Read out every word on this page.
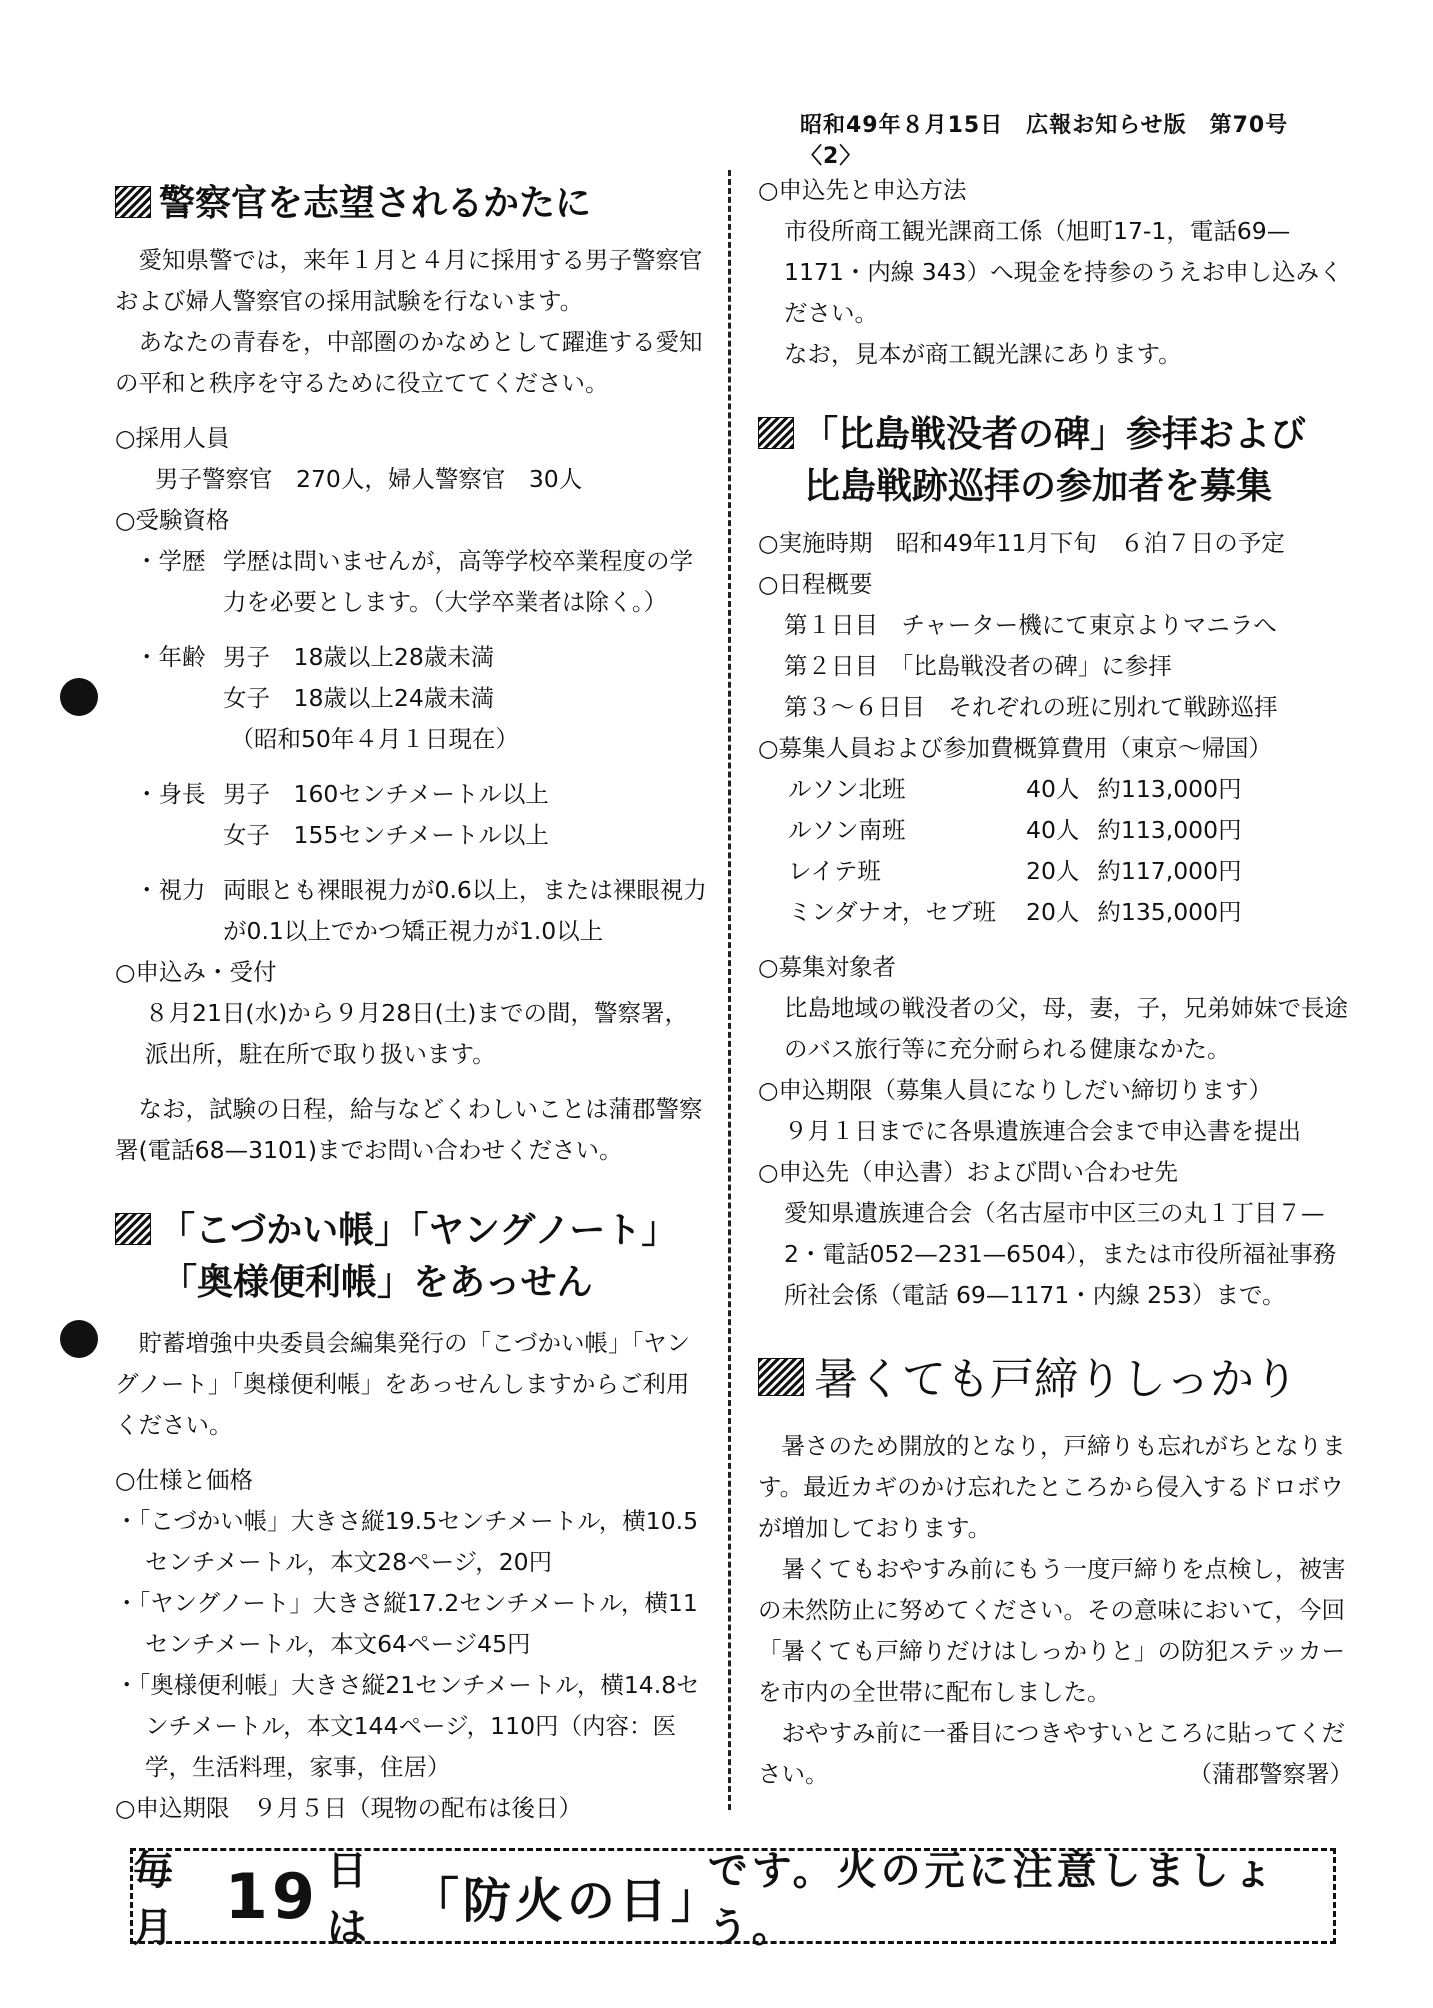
昭和49年８月15日　広報お知らせ版　第70号〈2〉
警察官を志望されるかたに

愛知県警では，来年１月と４月に採用する男子警察官および婦人警察官の採用試験を行ないます。

あなたの青春を，中部圏のかなめとして躍進する愛知の平和と秩序を守るために役立ててください。

○採用人員

男子警察官　270人，婦人警察官　30人

○受験資格

・学歴 学歴は問いませんが，高等学校卒業程度の学力を必要とします。（大学卒業者は除く。）
・年齢 男子　18歳以上28歳未満
女子　18歳以上24歳未満
（昭和50年４月１日現在）
・身長 男子　160センチメートル以上
女子　155センチメートル以上
・視力 両眼とも裸眼視力が0.6以上，または裸眼視力が0.1以上でかつ矯正視力が1.0以上

○申込み・受付

８月21日(水)から９月28日(土)までの間，警察署，派出所，駐在所で取り扱います。

なお，試験の日程，給与などくわしいことは蒲郡警察署(電話68—3101)までお問い合わせください。

「こづかい帳」「ヤングノート」
「奥様便利帳」をあっせん

貯蓄増強中央委員会編集発行の「こづかい帳」「ヤングノート」「奥様便利帳」をあっせんしますからご利用ください。

○仕様と価格

・「こづかい帳」大きさ縦19.5センチメートル，横10.5センチメートル，本文28ページ，20円

・「ヤングノート」大きさ縦17.2センチメートル，横11センチメートル，本文64ページ45円

・「奥様便利帳」大きさ縦21センチメートル，横14.8センチメートル，本文144ページ，110円（内容：医学，生活料理，家事，住居）

○申込期限　９月５日（現物の配布は後日）

○申込先と申込方法

市役所商工観光課商工係（旭町17-1，電話69—1171・内線 343）へ現金を持参のうえお申し込みください。

なお，見本が商工観光課にあります。

「比島戦没者の碑」参拝および
比島戦跡巡拝の参加者を募集

○実施時期　昭和49年11月下旬　６泊７日の予定

○日程概要

第１日目　チャーター機にて東京よりマニラへ

第２日目　「比島戦没者の碑」に参拝

第３～６日目　それぞれの班に別れて戦跡巡拝

○募集人員および参加費概算費用（東京～帰国）

ルソン北班	40人	約113,000円
ルソン南班	40人	約113,000円
レイテ班	20人	約117,000円
ミンダナオ，セブ班	20人	約135,000円

○募集対象者

比島地域の戦没者の父，母，妻，子，兄弟姉妹で長途のバス旅行等に充分耐られる健康なかた。

○申込期限（募集人員になりしだい締切ります）

９月１日までに各県遺族連合会まで申込書を提出

○申込先（申込書）および問い合わせ先

愛知県遺族連合会（名古屋市中区三の丸１丁目７—2・電話052—231—6504），または市役所福祉事務所社会係（電話 69—1171・内線 253）まで。

暑くても戸締りしっかり

暑さのため開放的となり，戸締りも忘れがちとなります。最近カギのかけ忘れたところから侵入するドロボウが増加しております。

暑くてもおやすみ前にもう一度戸締りを点検し，被害の未然防止に努めてください。その意味において，今回「暑くても戸締りだけはしっかりと」の防犯ステッカーを市内の全世帯に配布しました。

おやすみ前に一番目につきやすいところに貼ってください。	（蒲郡警察署）

毎月 19 日は 「防火の日」
です。火の元に注意しましょう。
